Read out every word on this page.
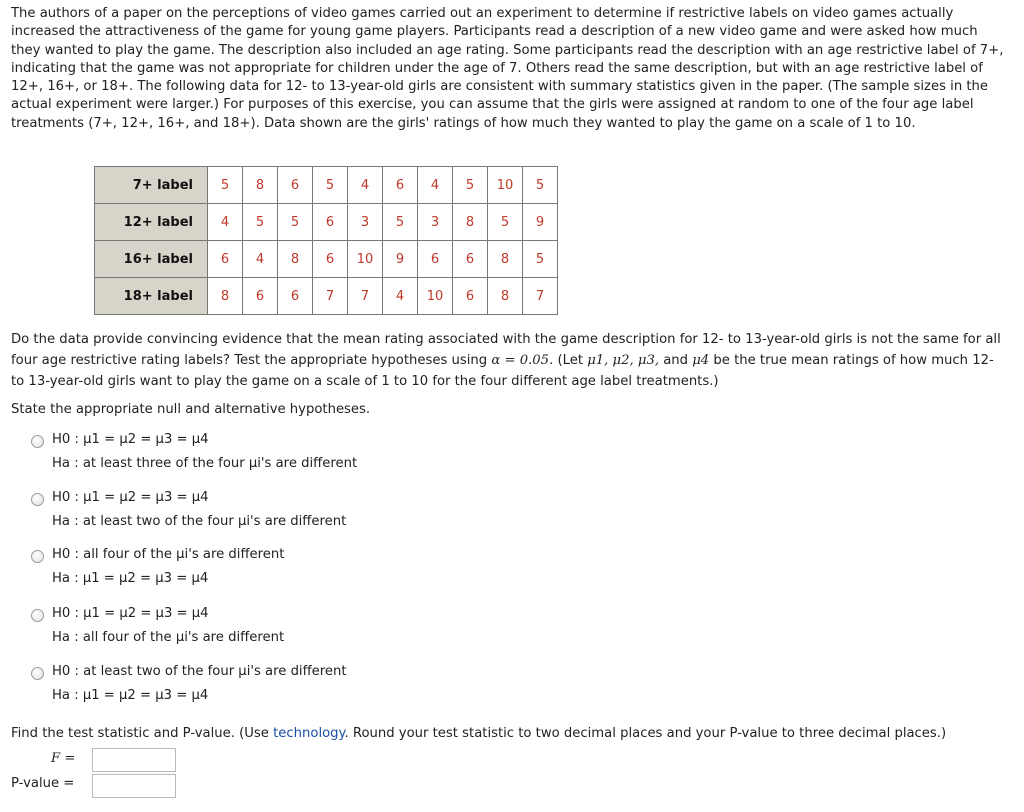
The authors of a paper on the perceptions of video games carried out an experiment to determine if restrictive labels on video games actually increased the attractiveness of the game for young game players. Participants read a description of a new video game and were asked how much they wanted to play the game. The description also included an age rating. Some participants read the description with an age restrictive label of 7+, indicating that the game was not appropriate for children under the age of 7. Others read the same description, but with an age restrictive label of 12+, 16+, or 18+. The following data for 12- to 13-year-old girls are consistent with summary statistics given in the paper. (The sample sizes in the actual experiment were larger.) For purposes of this exercise, you can assume that the girls were assigned at random to one of the four age label treatments (7+, 12+, 16+, and 18+). Data shown are the girls' ratings of how much they wanted to play the game on a scale of 1 to 10.

7+ label	5	8	6	5	4	6	4	5	10	5
12+ label	4	5	5	6	3	5	3	8	5	9
16+ label	6	4	8	6	10	9	6	6	8	5
18+ label	8	6	6	7	7	4	10	6	8	7

Do the data provide convincing evidence that the mean rating associated with the game description for 12- to 13-year-old girls is not the same for all four age restrictive rating labels? Test the appropriate hypotheses using α = 0.05. (Let μ1, μ2, μ3, and μ4 be the true mean ratings of how much 12- to 13-year-old girls want to play the game on a scale of 1 to 10 for the four different age label treatments.)

State the appropriate null and alternative hypotheses.

H0 : μ1 = μ2 = μ3 = μ4
Ha : at least three of the four μi's are different
H0 : μ1 = μ2 = μ3 = μ4
Ha : at least two of the four μi's are different
H0 : all four of the μi's are different
Ha : μ1 = μ2 = μ3 = μ4
H0 : μ1 = μ2 = μ3 = μ4
Ha : all four of the μi's are different
H0 : at least two of the four μi's are different
Ha : μ1 = μ2 = μ3 = μ4

Find the test statistic and P-value. (Use technology. Round your test statistic to two decimal places and your P-value to three decimal places.)

F =
P-value =
